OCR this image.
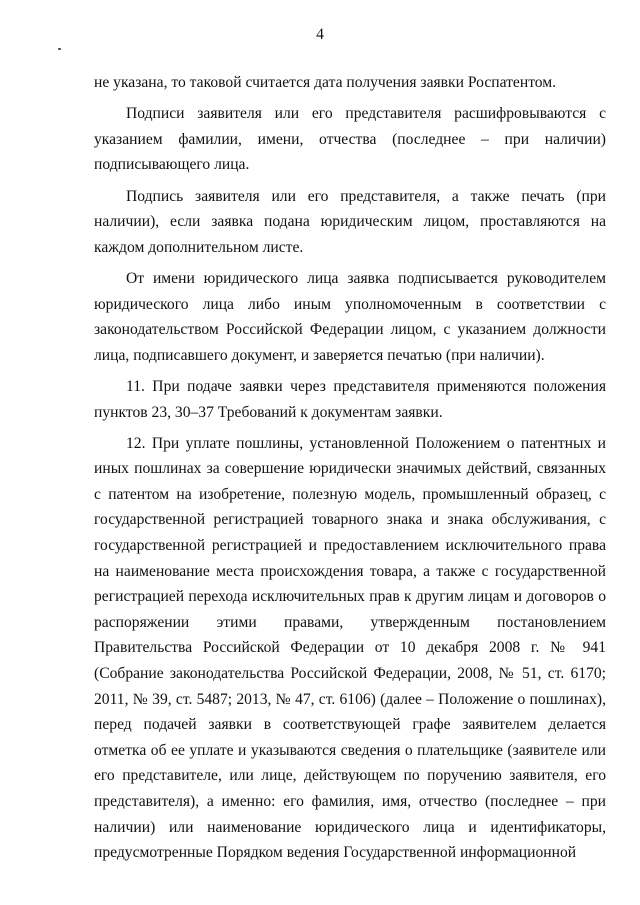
4

не указана, то таковой считается дата получения заявки Роспатентом.

Подписи заявителя или его представителя расшифровываются с указанием фамилии, имени, отчества (последнее – при наличии) подписывающего лица.

Подпись заявителя или его представителя, а также печать (при наличии), если заявка подана юридическим лицом, проставляются на каждом дополнительном листе.

От имени юридического лица заявка подписывается руководителем юридического лица либо иным уполномоченным в соответствии с законодательством Российской Федерации лицом, с указанием должности лица, подписавшего документ, и заверяется печатью (при наличии).

11. При подаче заявки через представителя применяются положения пунктов 23, 30–37 Требований к документам заявки.

12. При уплате пошлины, установленной Положением о патентных и иных пошлинах за совершение юридически значимых действий, связанных с патентом на изобретение, полезную модель, промышленный образец, с государственной регистрацией товарного знака и знака обслуживания, с государственной регистрацией и предоставлением исключительного права на наименование места происхождения товара, а также с государственной регистрацией перехода исключительных прав к другим лицам и договоров о распоряжении этими правами, утвержденным постановлением Правительства Российской Федерации от 10 декабря 2008 г. № 941 (Собрание законодательства Российской Федерации, 2008, № 51, ст. 6170; 2011, № 39, ст. 5487; 2013, № 47, ст. 6106) (далее – Положение о пошлинах), перед подачей заявки в соответствующей графе заявителем делается отметка об ее уплате и указываются сведения о плательщике (заявителе или его представителе, или лице, действующем по поручению заявителя, его представителя), а именно: его фамилия, имя, отчество (последнее – при наличии) или наименование юридического лица и идентификаторы, предусмотренные Порядком ведения Государственной информационной
